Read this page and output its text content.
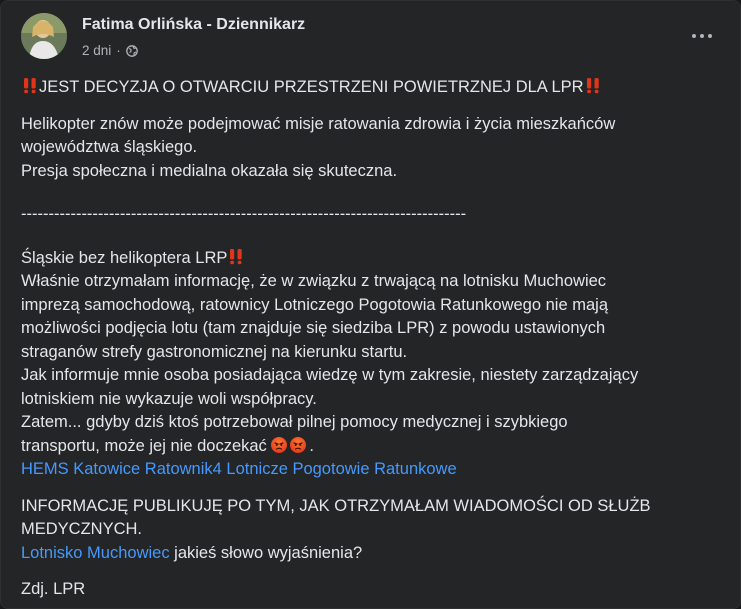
Fatima Orlińska - Dziennikarz
2 dni ·

JEST DECYZJA O OTWARCIU PRZESTRZENI POWIETRZNEJ DLA LPR

Helikopter znów może podejmować misje ratowania zdrowia i życia mieszkańców

województwa śląskiego.

Presja społeczna i medialna okazała się skuteczna.

---------------------------------------------------------------------------------

Śląskie bez helikoptera LRP

Właśnie otrzymałam informację, że w związku z trwającą na lotnisku Muchowiec

imprezą samochodową, ratownicy Lotniczego Pogotowia Ratunkowego nie mają

możliwości podjęcia lotu (tam znajduje się siedziba LPR) z powodu ustawionych

straganów strefy gastronomicznej na kierunku startu.

Jak informuje mnie osoba posiadająca wiedzę w tym zakresie, niestety zarządzający

lotniskiem nie wykazuje woli współpracy.

Zatem... gdyby dziś ktoś potrzebował pilnej pomocy medycznej i szybkiego

transportu, może jej nie doczekać	.

HEMS Katowice Ratownik4 Lotnicze Pogotowie Ratunkowe

INFORMACJĘ PUBLIKUJĘ PO TYM, JAK OTRZYMAŁAM WIADOMOŚCI OD SŁUŻB

MEDYCZNYCH.

Lotnisko Muchowiec jakieś słowo wyjaśnienia?

Zdj. LPR
